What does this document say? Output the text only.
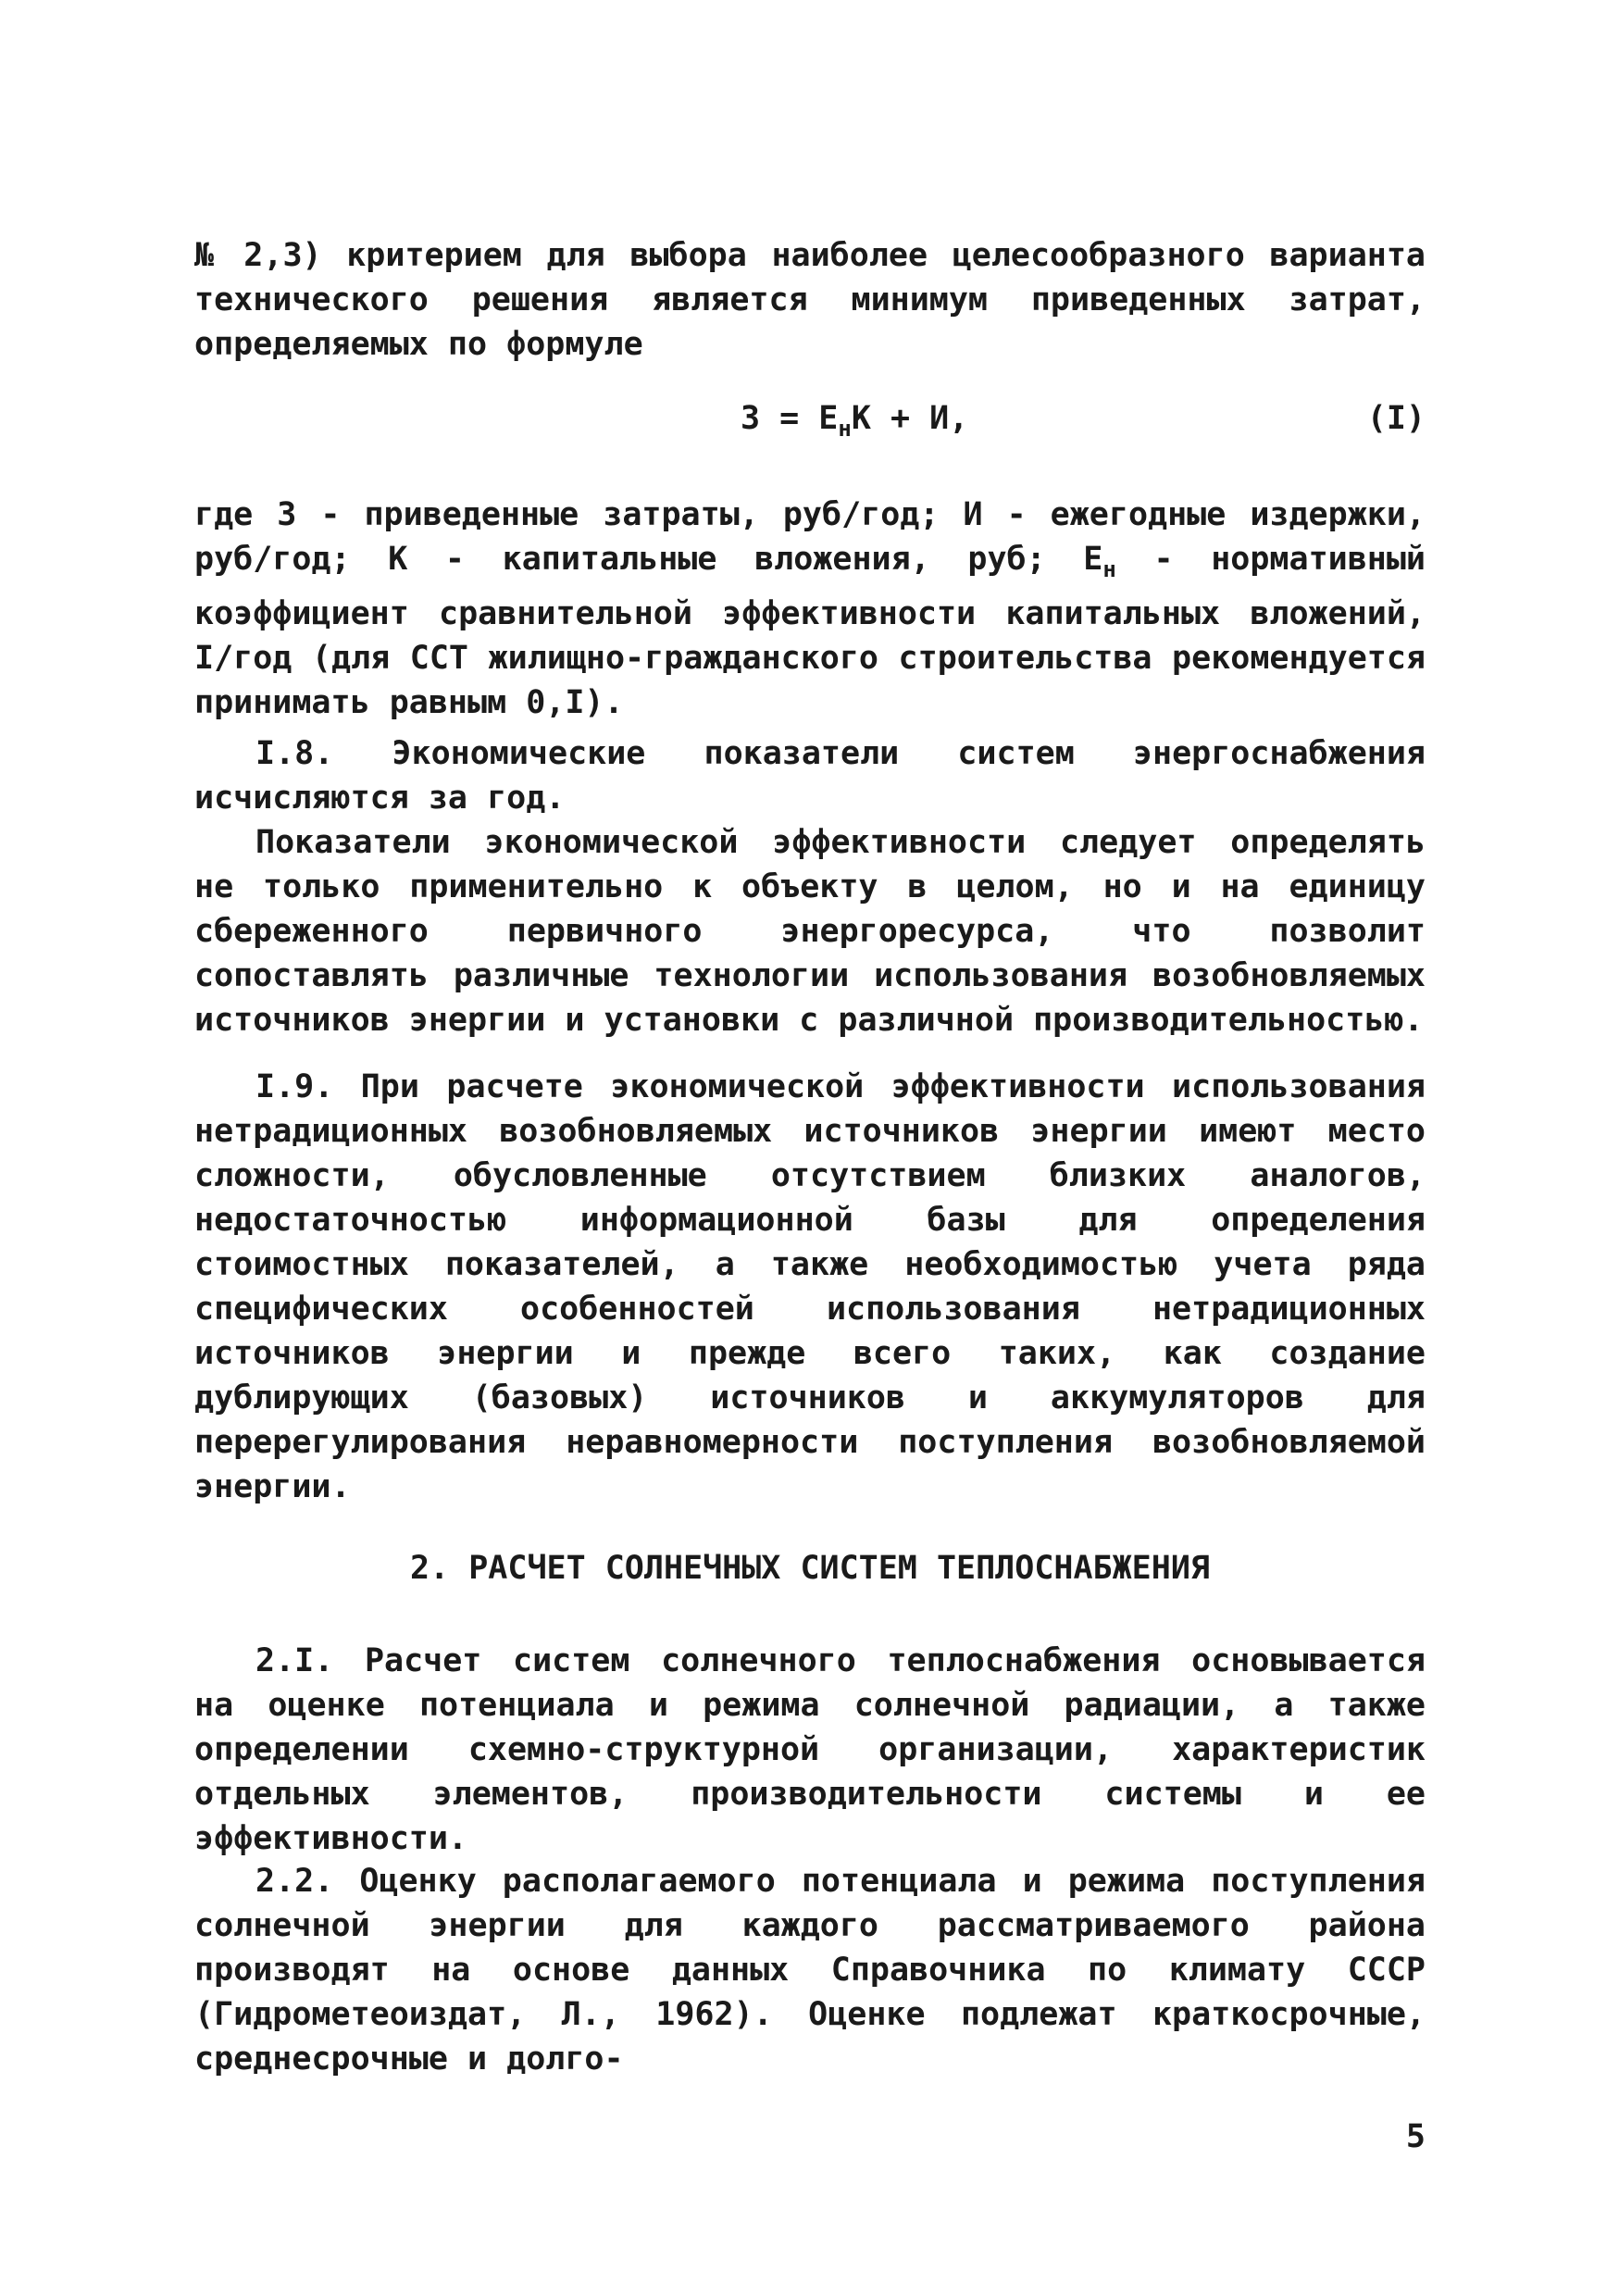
№ 2,3) критерием для выбора наиболее целесообразного варианта технического решения является минимум приведенных затрат, определяемых по формуле

$З = Е_нК + И$,	(I)

где З - приведенные затраты, руб/год; И - ежегодные издержки, руб/год; К - капитальные вложения, руб; $Е_н$ - нормативный коэффициент сравнительной эффективности капитальных вложений, I/год (для ССТ жилищно-гражданского строительства рекомендуется принимать равным 0,I).

I.8. Экономические показатели систем энергоснабжения исчисляются за год.

Показатели экономической эффективности следует определять не только применительно к объекту в целом, но и на единицу сбереженного первичного энергоресурса, что позволит сопоставлять различные технологии использования возобновляемых источников энергии и установки с различной производительностью.

I.9. При расчете экономической эффективности использования нетрадиционных возобновляемых источников энергии имеют место сложности, обусловленные отсутствием близких аналогов, недостаточностью информационной базы для определения стоимостных показателей, а также необходимостью учета ряда специфических особенностей использования нетрадиционных источников энергии и прежде всего таких, как создание дублирующих (базовых) источников и аккумуляторов для перерегулирования неравномерности поступления возобновляемой энергии.

2. РАСЧЕТ СОЛНЕЧНЫХ СИСТЕМ ТЕПЛОСНАБЖЕНИЯ

2.I. Расчет систем солнечного теплоснабжения основывается на оценке потенциала и режима солнечной радиации, а также определении схемно-структурной организации, характеристик отдельных элементов, производительности системы и ее эффективности.

2.2. Оценку располагаемого потенциала и режима поступления солнечной энергии для каждого рассматриваемого района производят на основе данных Справочника по климату СССР (Гидрометеоиздат, Л., 1962). Оценке подлежат краткосрочные, среднесрочные и долго-

5
